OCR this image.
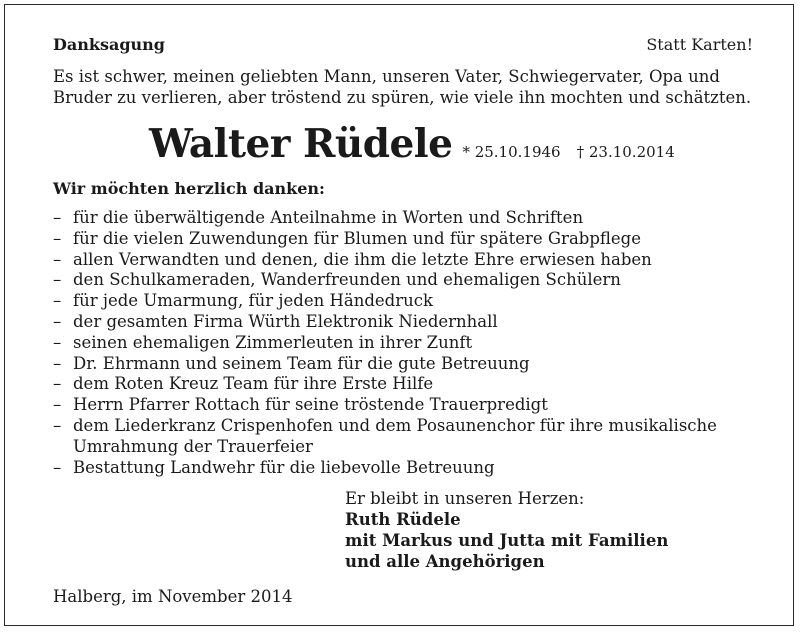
Danksagung	Statt Karten!
Es ist schwer, meinen geliebten Mann, unseren Vater, Schwiegervater, Opa und Bruder zu verlieren, aber tröstend zu spüren, wie viele ihn mochten und schätzten.
Walter Rüdele * 25.10.1946 † 23.10.2014
Wir möchten herzlich danken:
– für die überwältigende Anteilnahme in Worten und Schriften
– für die vielen Zuwendungen für Blumen und für spätere Grabpflege
– allen Verwandten und denen, die ihm die letzte Ehre erwiesen haben
– den Schulkameraden, Wanderfreunden und ehemaligen Schülern
– für jede Umarmung, für jeden Händedruck
– der gesamten Firma Würth Elektronik Niedernhall
– seinen ehemaligen Zimmerleuten in ihrer Zunft
– Dr. Ehrmann und seinem Team für die gute Betreuung
– dem Roten Kreuz Team für ihre Erste Hilfe
– Herrn Pfarrer Rottach für seine tröstende Trauerpredigt
– dem Liederkranz Crispenhofen und dem Posaunenchor für ihre musikalische Umrahmung der Trauerfeier
– Bestattung Landwehr für die liebevolle Betreuung
Er bleibt in unseren Herzen:
Ruth Rüdele
mit Markus und Jutta mit Familien
und alle Angehörigen
Halberg, im November 2014
